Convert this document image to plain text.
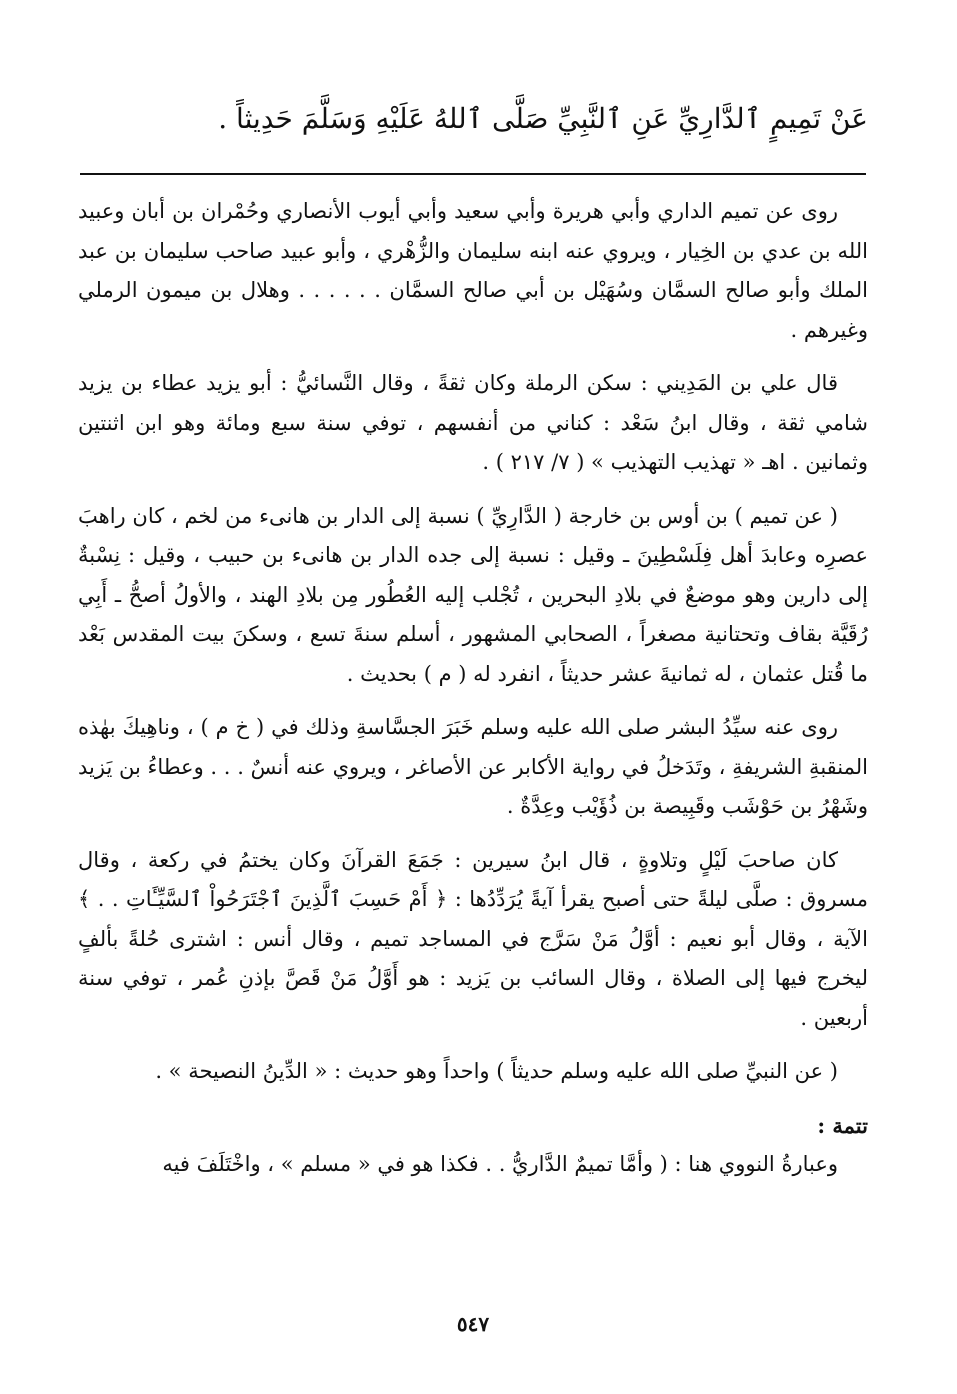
عَنْ تَمِيمٍ ٱلدَّارِيِّ عَنِ ٱلنَّبِيِّ صَلَّى ٱللهُ عَلَيْهِ وَسَلَّمَ حَدِيثاً .

روى عن تميم الداري وأبي هريرة وأبي سعيد وأبي أيوب الأنصاري وحُمْران بن أبان وعبيد الله بن عدي بن الخِيار ، ويروي عنه ابنه سليمان والزُّهْري ، وأبو عبيد صاحب سليمان بن عبد الملك وأبو صالح السمَّان وسُهَيْل بن أبي صالح السمَّان . . . . . . وهلال بن ميمون الرملي وغيرهم .

قال علي بن المَدِيني : سكن الرملة وكان ثقةً ، وقال النَّسائيُّ : أبو يزيد عطاء بن يزيد شامي ثقة ، وقال ابنُ سَعْد : كناني من أنفسهم ، توفي سنة سبع ومائة وهو ابن اثنتين وثمانين . اهـ « تهذيب التهذيب » ( ٧/ ٢١٧ ) .

( عن تميم ) بن أوس بن خارجة ( الدَّارِيِّ ) نسبة إلى الدار بن هانىء من لخم ، كان راهبَ عصرِه وعابدَ أهل فِلَسْطِينَ ـ وقيل : نسبة إلى جده الدار بن هانىء بن حبيب ، وقيل : نِسْبةٌ إلى دارين وهو موضعٌ في بلادِ البحرين ، تُجْلب إليه العُطُور مِن بلادِ الهند ، والأولُ أصحُّ ـ أَبِي رُقَيَّة بقاف وتحتانية مصغراً ، الصحابي المشهور ، أسلم سنةَ تسع ، وسكنَ بيت المقدس بَعْد ما قُتل عثمان ، له ثمانيةَ عشر حديثاً ، انفرد له ( م ) بحديث .

روى عنه سيِّدُ البشر صلى الله عليه وسلم خَبَرَ الجسَّاسةِ وذلك في ( خ م ) ، وناهِيكَ بهٰذه المنقبةِ الشريفةِ ، وتَدَخلُ في رواية الأكابر عن الأصاغر ، ويروي عنه أنسٌ . . . وعطاءُ بن يَزيد وشَهْرُ بن حَوْشَب وقَبِيصة بن ذُؤَيْب وعِدَّةٌ .

كان صاحبَ لَيْلٍ وتلاوةٍ ، قال ابنُ سيرين : جَمَعَ القرآنَ وكان يختمُ في ركعة ، وقال مسروق : صلَّى ليلةً حتى أصبح يقرأ آيةً يُرَدِّدُها : ﴿ أَمْ حَسِبَ ٱلَّذِينَ ٱجْتَرَحُواْ ٱلسَّيِّـَٔاتِ . . ﴾ الآية ، وقال أبو نعيم : أوَّلُ مَنْ سَرَّج في المساجد تميم ، وقال أنس : اشترى حُلةً بألفٍ ليخرج فيها إلى الصلاة ، وقال السائب بن يَزيد : هو أَوَّلُ مَنْ قَصَّ بإذنِ عُمر ، توفي سنة أربعين .

( عن النبيِّ صلى الله عليه وسلم حديثاً ) واحداً وهو حديث : « الدِّينُ النصيحة » .

تتمة :

وعبارةُ النووي هنا : ( وأمَّا تميمٌ الدَّاريُّ . . فكذا هو في « مسلم » ، واخْتَلَفَ فيه

٥٤٧
